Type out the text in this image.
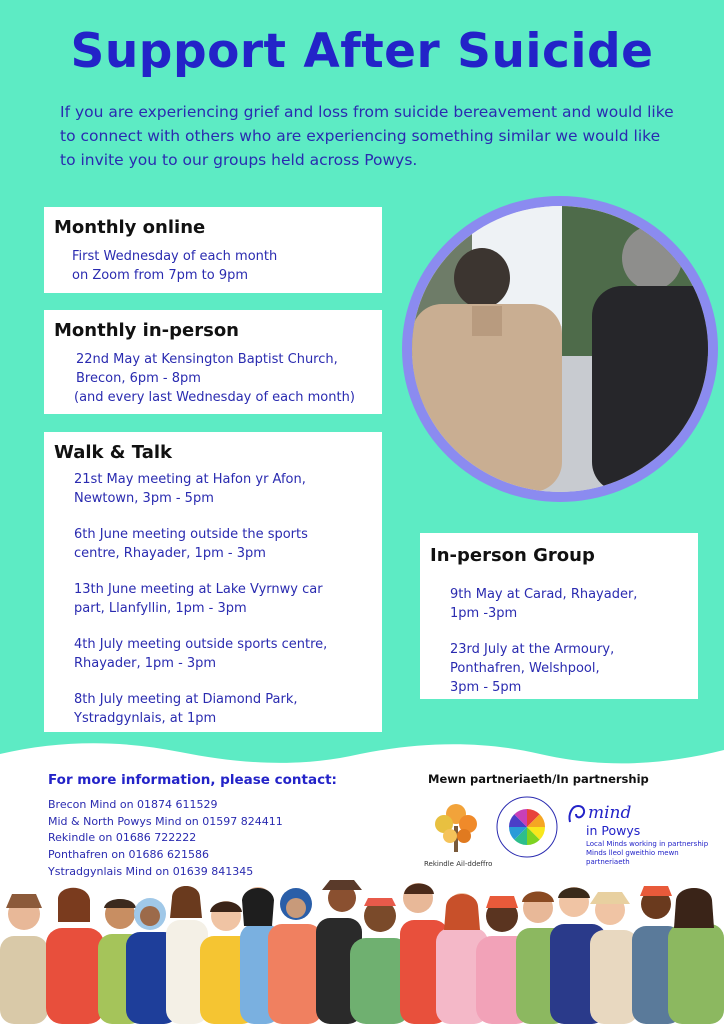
Support After Suicide

If you are experiencing grief and loss from suicide bereavement and would like to connect with others who are experiencing something similar we would like to invite you to our groups held across Powys.

Monthly online

First Wednesday of each month

on Zoom from 7pm to 9pm

Monthly in-person

22nd May at Kensington Baptist Church,

Brecon, 6pm - 8pm

(and every last Wednesday of each month)

Walk & Talk

21st May meeting at Hafon yr Afon,

Newtown, 3pm - 5pm

6th June meeting outside the sports

centre, Rhayader, 1pm - 3pm

13th June meeting at Lake Vyrnwy car

part, Llanfyllin, 1pm - 3pm

4th July meeting outside sports centre,

Rhayader, 1pm - 3pm

8th July meeting at Diamond Park,

Ystradgynlais, at 1pm

In-person Group

9th May at Carad, Rhayader,

1pm -3pm

23rd July at the Armoury,

Ponthafren, Welshpool,

3pm - 5pm

For more information, please contact:

Brecon Mind on 01874 611529

Mid & North Powys Mind on 01597 824411

Rekindle on 01686 722222

Ponthafren on 01686 621586

Ystradgynlais Mind on 01639 841345

Mewn partneriaeth/In partnership

Rekindle Ail-ddeffro

mind

in Powys

Local Minds working in partnership
Minds lleol gweithio mewn partneriaeth
